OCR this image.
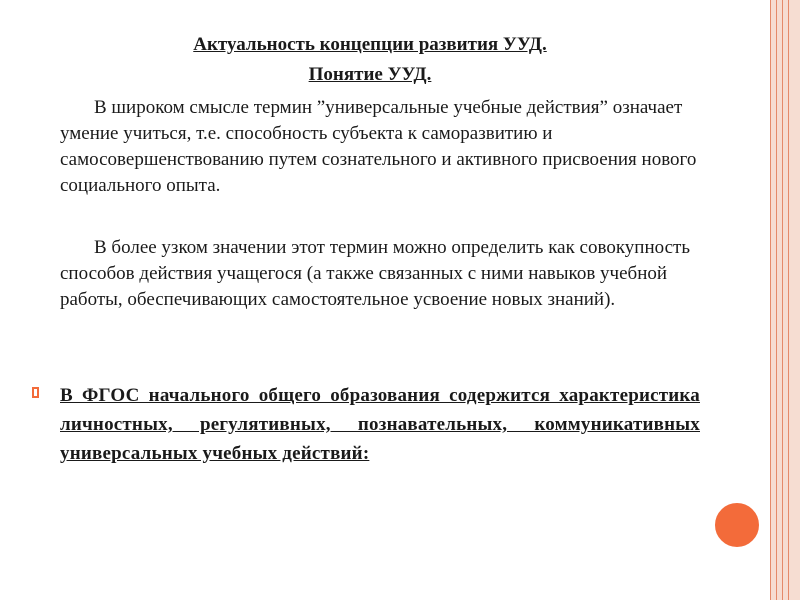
Актуальность концепции развития УУД.
Понятие УУД.
В широком смысле термин ”универсальные учебные действия” означает умение учиться, т.е. способность субъекта к саморазвитию и самосовершенствованию путем сознательного и активного присвоения нового социального опыта.
В более узком значении этот термин можно определить как совокупность способов действия учащегося (а также связанных с ними навыков учебной работы, обеспечивающих самостоятельное усвоение новых знаний).
В ФГОС начального общего образования содержится характеристика личностных, регулятивных, познавательных, коммуникативных универсальных учебных действий:
